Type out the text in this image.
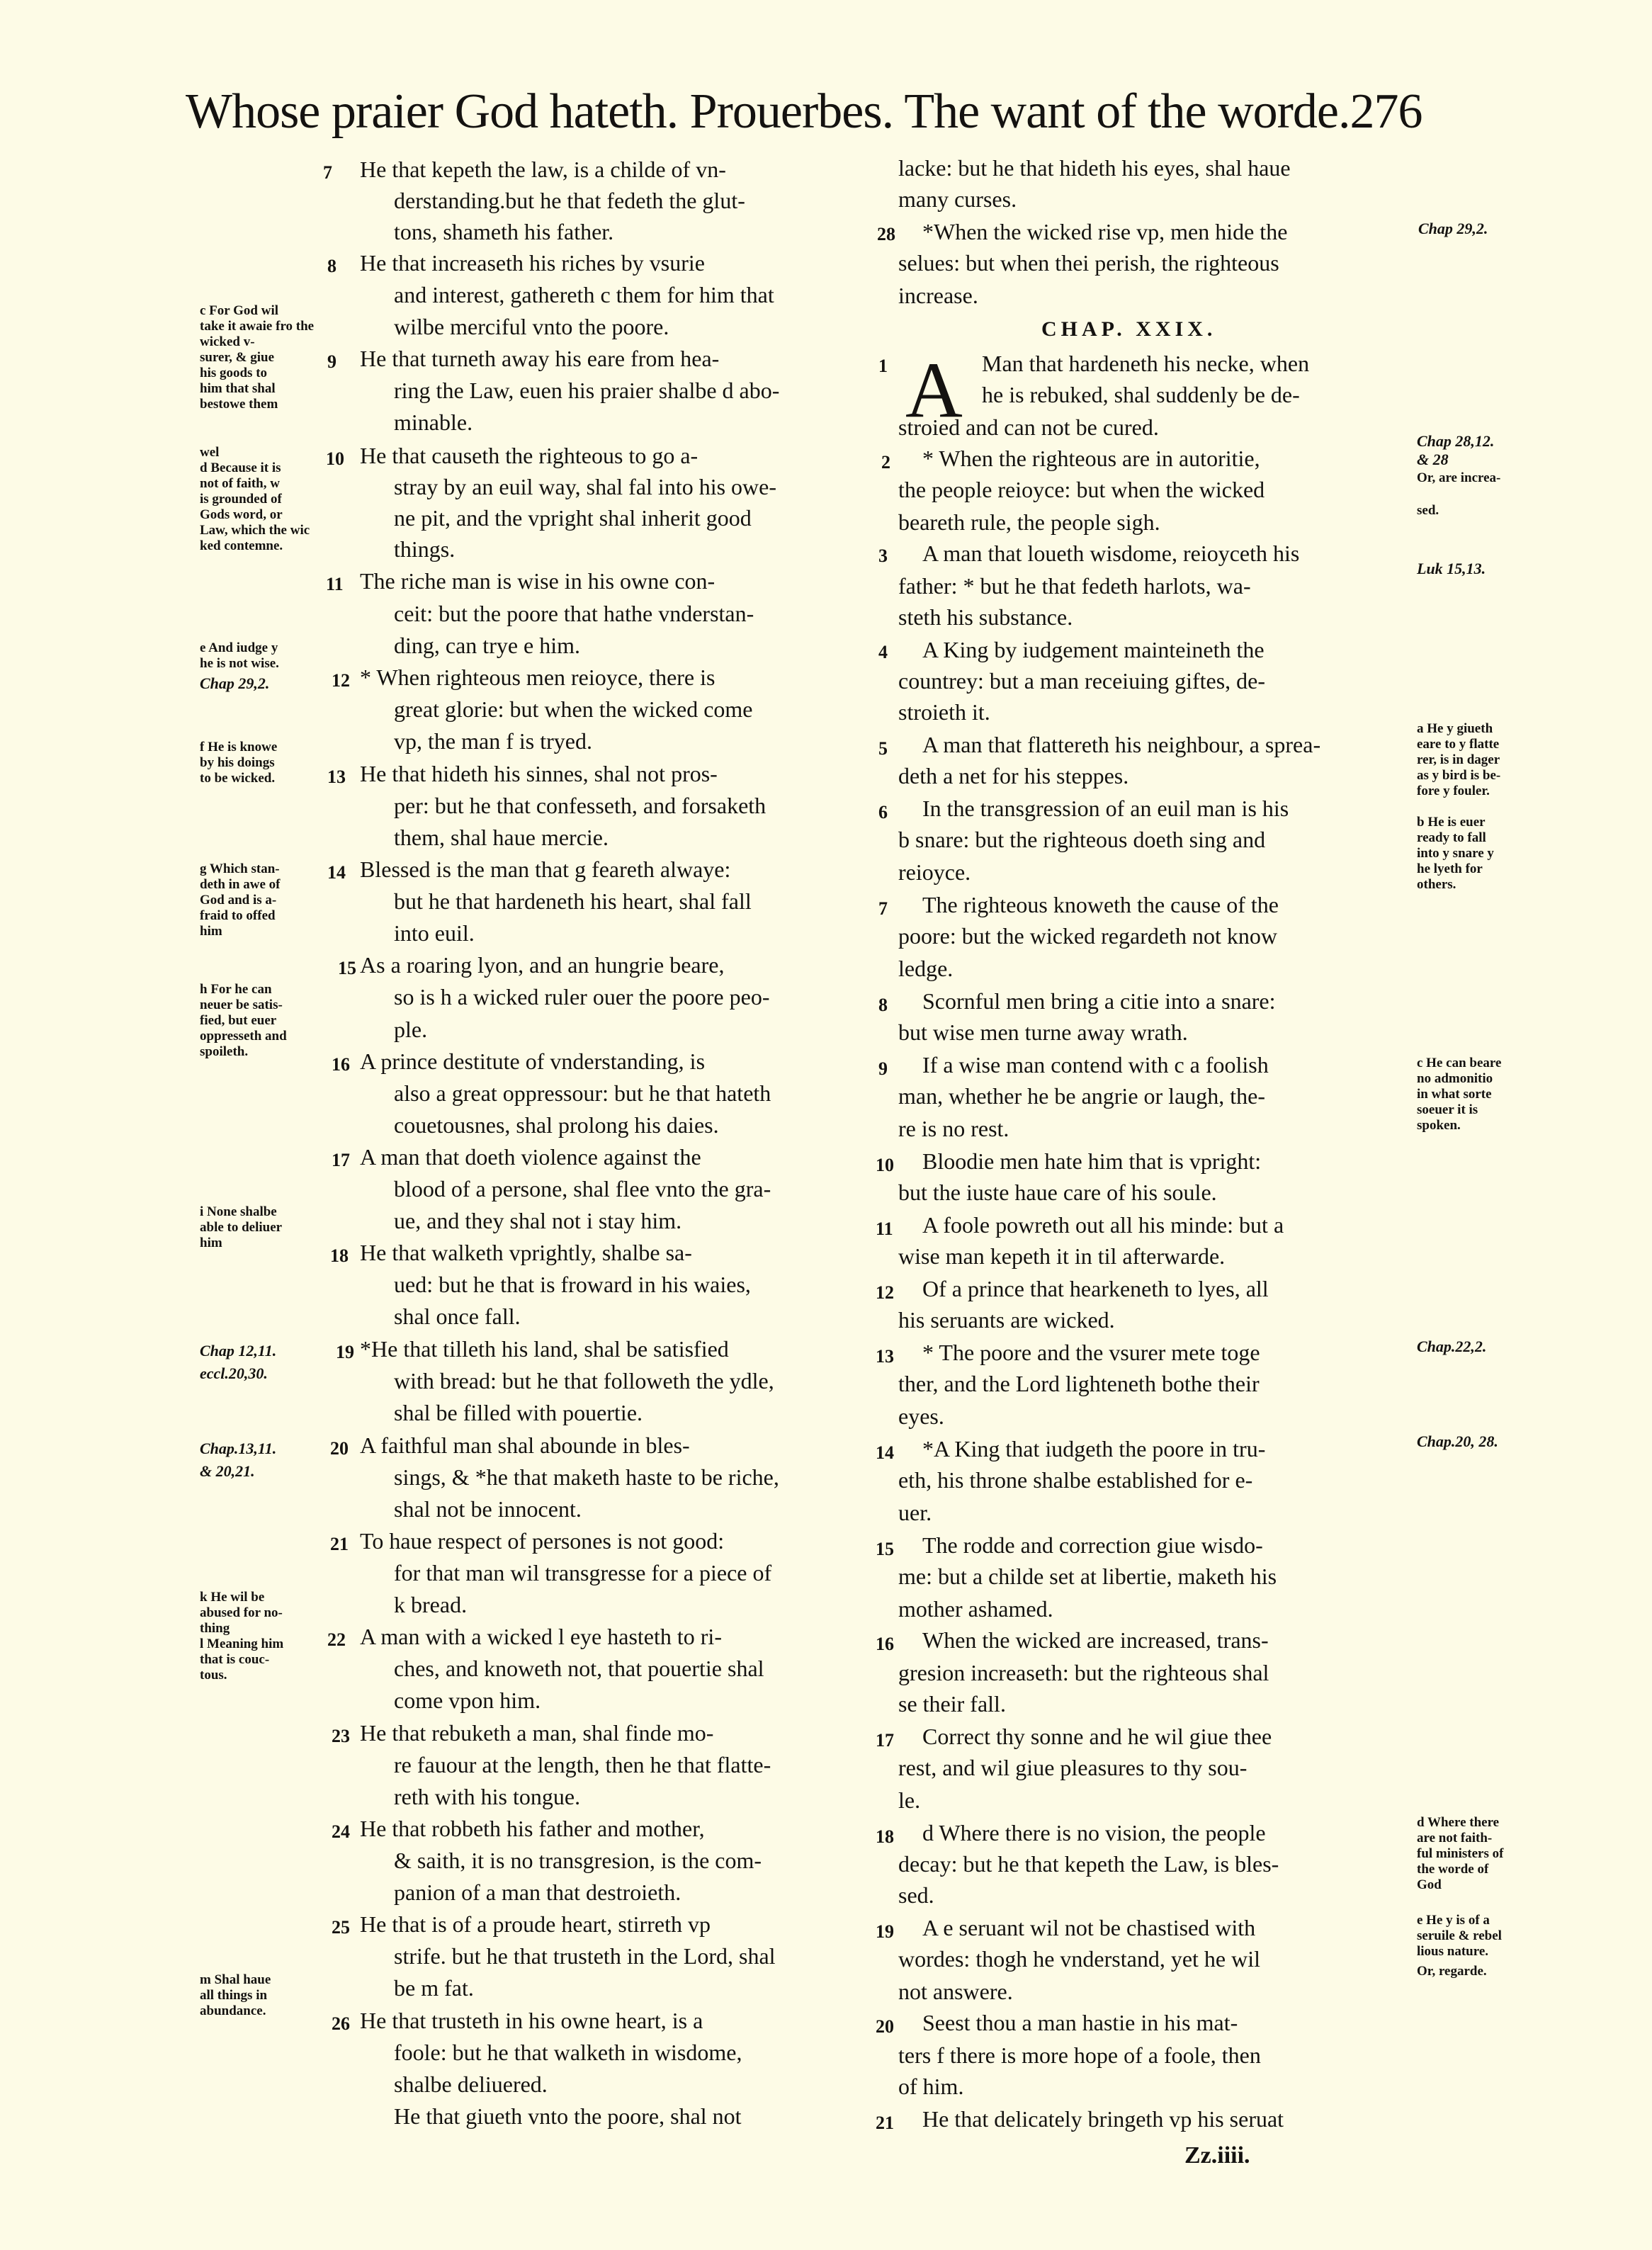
Whose praier God hateth. Prouerbes. The want of the worde.276
7
8
9
10
11
12
13
14
15
16
17
18
19
20
21
22
23
24
25
26
He that kepeth the law, is a childe of vn-
derstanding.but he that fedeth the glut-
tons, shameth his father.
He that increaseth his riches by vsurie
and interest, gathereth c them for him that
wilbe merciful vnto the poore.
He that turneth away his eare from hea-
ring the Law, euen his praier shalbe d abo-
minable.
He that causeth the righteous to go a-
stray by an euil way, shal fal into his owe-
ne pit, and the vpright shal inherit good
things.
The riche man is wise in his owne con-
ceit: but the poore that hathe vnderstan-
ding, can trye e him.
* When righteous men reioyce, there is
great glorie: but when the wicked come
vp, the man f is tryed.
He that hideth his sinnes, shal not pros-
per: but he that confesseth, and forsaketh
them, shal haue mercie.
Blessed is the man that g feareth alwaye:
but he that hardeneth his heart, shal fall
into euil.
As a roaring lyon, and an hungrie beare,
so is h a wicked ruler ouer the poore peo-
ple.
A prince destitute of vnderstanding, is
also a great oppressour: but he that hateth
couetousnes, shal prolong his daies.
A man that doeth violence against the
blood of a persone, shal flee vnto the gra-
ue, and they shal not i stay him.
He that walketh vprightly, shalbe sa-
ued: but he that is froward in his waies,
shal once fall.
*He that tilleth his land, shal be satisfied
with bread: but he that followeth the ydle,
shal be filled with pouertie.
A faithful man shal abounde in bles-
sings, & *he that maketh haste to be riche,
shal not be innocent.
To haue respect of persones is not good:
for that man wil transgresse for a piece of
k bread.
A man with a wicked l eye hasteth to ri-
ches, and knoweth not, that pouertie shal
come vpon him.
He that rebuketh a man, shal finde mo-
re fauour at the length, then he that flatte-
reth with his tongue.
He that robbeth his father and mother,
& saith, it is no transgresion, is the com-
panion of a man that destroieth.
He that is of a proude heart, stirreth vp
strife. but he that trusteth in the Lord, shal
be m fat.
He that trusteth in his owne heart, is a
foole: but he that walketh in wisdome,
shalbe deliuered.
He that giueth vnto the poore, shal not
c For God wil
take it awaie fro the
wicked v-
surer, & giue
his goods to
him that shal
bestowe them
wel
d Because it is
not of faith, w
is grounded of
Gods word, or
Law, which the wic
ked contemne.
e And iudge y
he is not wise.
Chap 29,2.
f He is knowe
by his doings
to be wicked.
g Which stan-
deth in awe of
God and is a-
fraid to offed
him
h For he can
neuer be satis-
fied, but euer
oppresseth and
spoileth.
i None shalbe
able to deliuer
him
Chap 12,11.
eccl.20,30.
Chap.13,11.
& 20,21.
k He wil be
abused for no-
thing
l Meaning him
that is couc-
tous.
m Shal haue
all things in
abundance.
CHAP. XXIX.
A
28
1
2
3
4
5
6
7
8
9
10
11
12
13
14
15
16
17
18
19
20
21
lacke: but he that hideth his eyes, shal haue
many curses.
*When the wicked rise vp, men hide the
selues: but when thei perish, the righteous
increase.
Man that hardeneth his necke, when
he is rebuked, shal suddenly be de-
stroied and can not be cured.
* When the righteous are in autoritie,
the people reioyce: but when the wicked
beareth rule, the people sigh.
A man that loueth wisdome, reioyceth his
father: * but he that fedeth harlots, wa-
steth his substance.
A King by iudgement mainteineth the
countrey: but a man receiuing giftes, de-
stroieth it.
A man that flattereth his neighbour, a sprea-
deth a net for his steppes.
In the transgression of an euil man is his
b snare: but the righteous doeth sing and
reioyce.
The righteous knoweth the cause of the
poore: but the wicked regardeth not know
ledge.
Scornful men bring a citie into a snare:
but wise men turne away wrath.
If a wise man contend with c a foolish
man, whether he be angrie or laugh, the-
re is no rest.
Bloodie men hate him that is vpright:
but the iuste haue care of his soule.
A foole powreth out all his minde: but a
wise man kepeth it in til afterwarde.
Of a prince that hearkeneth to lyes, all
his seruants are wicked.
* The poore and the vsurer mete toge
ther, and the Lord lighteneth bothe their
eyes.
*A King that iudgeth the poore in tru-
eth, his throne shalbe established for e-
uer.
The rodde and correction giue wisdo-
me: but a childe set at libertie, maketh his
mother ashamed.
When the wicked are increased, trans-
gresion increaseth: but the righteous shal
se their fall.
Correct thy sonne and he wil giue thee
rest, and wil giue pleasures to thy sou-
le.
d Where there is no vision, the people
decay: but he that kepeth the Law, is bles-
sed.
A e seruant wil not be chastised with
wordes: thogh he vnderstand, yet he wil
not answere.
Seest thou a man hastie in his mat-
ters f there is more hope of a foole, then
of him.
He that delicately bringeth vp his seruat
Chap 29,2.
Chap 28,12.
& 28
Or, are increa-
sed.
Luk 15,13.
a He y giueth
eare to y flatte
rer, is in dager
as y bird is be-
fore y fouler.
b He is euer
ready to fall
into y snare y
he lyeth for
others.
c He can beare
no admonitio
in what sorte
soeuer it is
spoken.
Chap.22,2.
Chap.20, 28.
d Where there
are not faith-
ful ministers of
the worde of
God
e He y is of a
seruile & rebel
lious nature.
Or, regarde.
Zz.iiii.
